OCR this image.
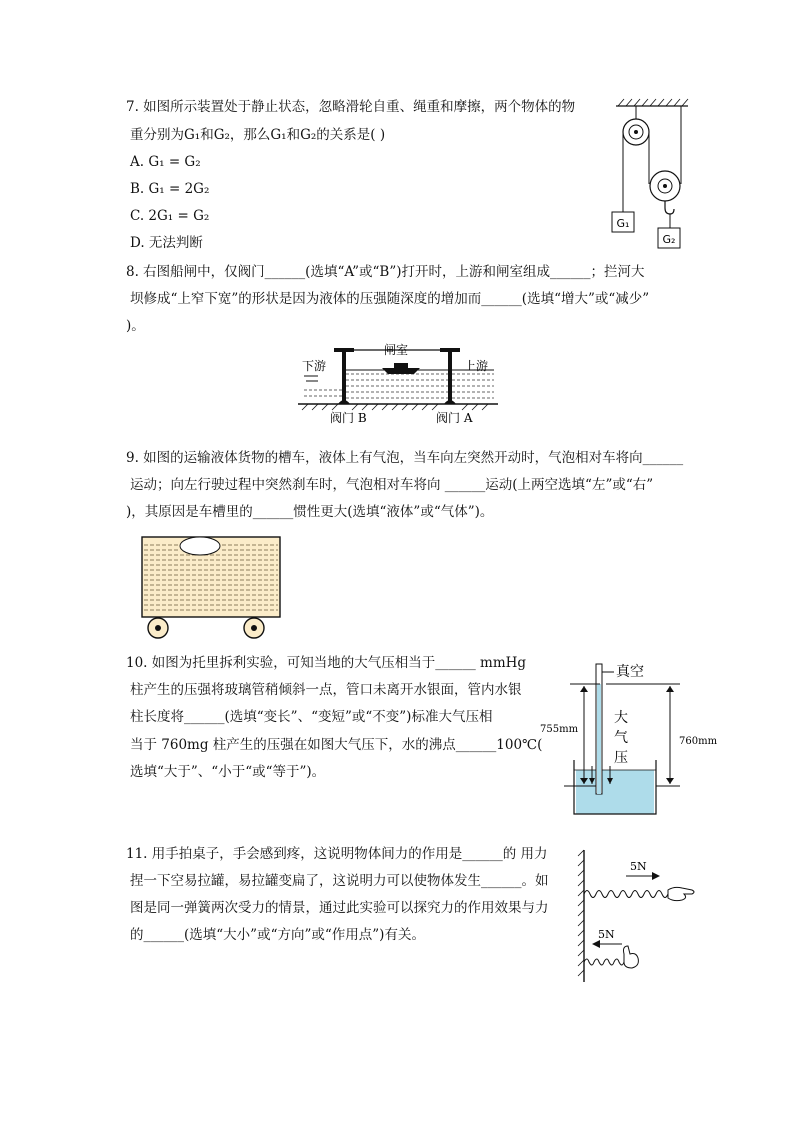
7. 如图所示装置处于静止状态，忽略滑轮自重、绳重和摩擦，两个物体的物
重分别为G₁和G₂，那么G₁和G₂的关系是( )
A. G₁ = G₂
B. G₁ = 2G₂
C. 2G₁ = G₂
D. 无法判断
G₁
G₂
8. 右图船闸中，仅阀门______(选填“A”或“B”)打开时，上游和闸室组成______；拦河大
坝修成“上窄下宽”的形状是因为液体的压强随深度的增加而______(选填“增大”或“减少”
)。
下游
闸室
上游
阀门 B	阀门 A
9. 如图的运输液体货物的槽车，液体上有气泡，当车向左突然开动时，气泡相对车将向______
运动；向左行驶过程中突然刹车时，气泡相对车将向 ______运动(上两空选填“左”或“右”
)，其原因是车槽里的______惯性更大(选填“液体”或“气体”)。
10. 如图为托里拆利实验，可知当地的大气压相当于______ mmHg
柱产生的压强将玻璃管稍倾斜一点，管口未离开水银面，管内水银
柱长度将______(选填“变长”、“变短”或“不变”)标准大气压相
当于 760mg 柱产生的压强在如图大气压下，水的沸点______100℃(
选填“大于”、“小于“或“等于”)。
真空
755mm
760mm
大
气
压
11. 用手拍桌子，手会感到疼，这说明物体间力的作用是______的 用力
捏一下空易拉罐，易拉罐变扁了，这说明力可以使物体发生______。如
图是同一弹簧两次受力的情景，通过此实验可以探究力的作用效果与力
的______(选填“大小”或“方向”或“作用点”)有关。
5N
5N
